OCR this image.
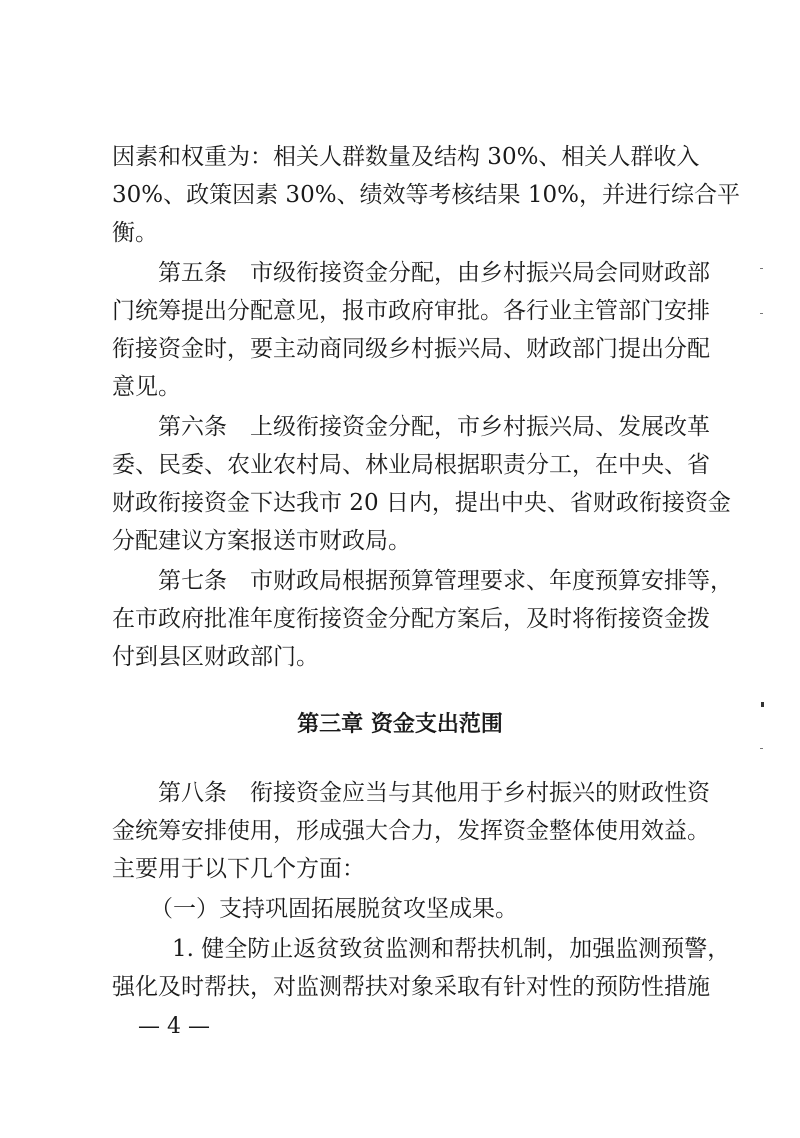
因素和权重为：相关人群数量及结构 30%、相关人群收入
30%、政策因素 30%、绩效等考核结果 10%，并进行综合平
衡。
第五条　市级衔接资金分配，由乡村振兴局会同财政部
门统筹提出分配意见，报市政府审批。各行业主管部门安排
衔接资金时，要主动商同级乡村振兴局、财政部门提出分配
意见。
第六条　上级衔接资金分配，市乡村振兴局、发展改革
委、民委、农业农村局、林业局根据职责分工，在中央、省
财政衔接资金下达我市 20 日内，提出中央、省财政衔接资金
分配建议方案报送市财政局。
第七条　市财政局根据预算管理要求、年度预算安排等，
在市政府批准年度衔接资金分配方案后，及时将衔接资金拨
付到县区财政部门。
第三章 资金支出范围
第八条　衔接资金应当与其他用于乡村振兴的财政性资
金统筹安排使用，形成强大合力，发挥资金整体使用效益。
主要用于以下几个方面：
（一）支持巩固拓展脱贫攻坚成果。
1. 健全防止返贫致贫监测和帮扶机制，加强监测预警，
强化及时帮扶，对监测帮扶对象采取有针对性的预防性措施
— 4 —
